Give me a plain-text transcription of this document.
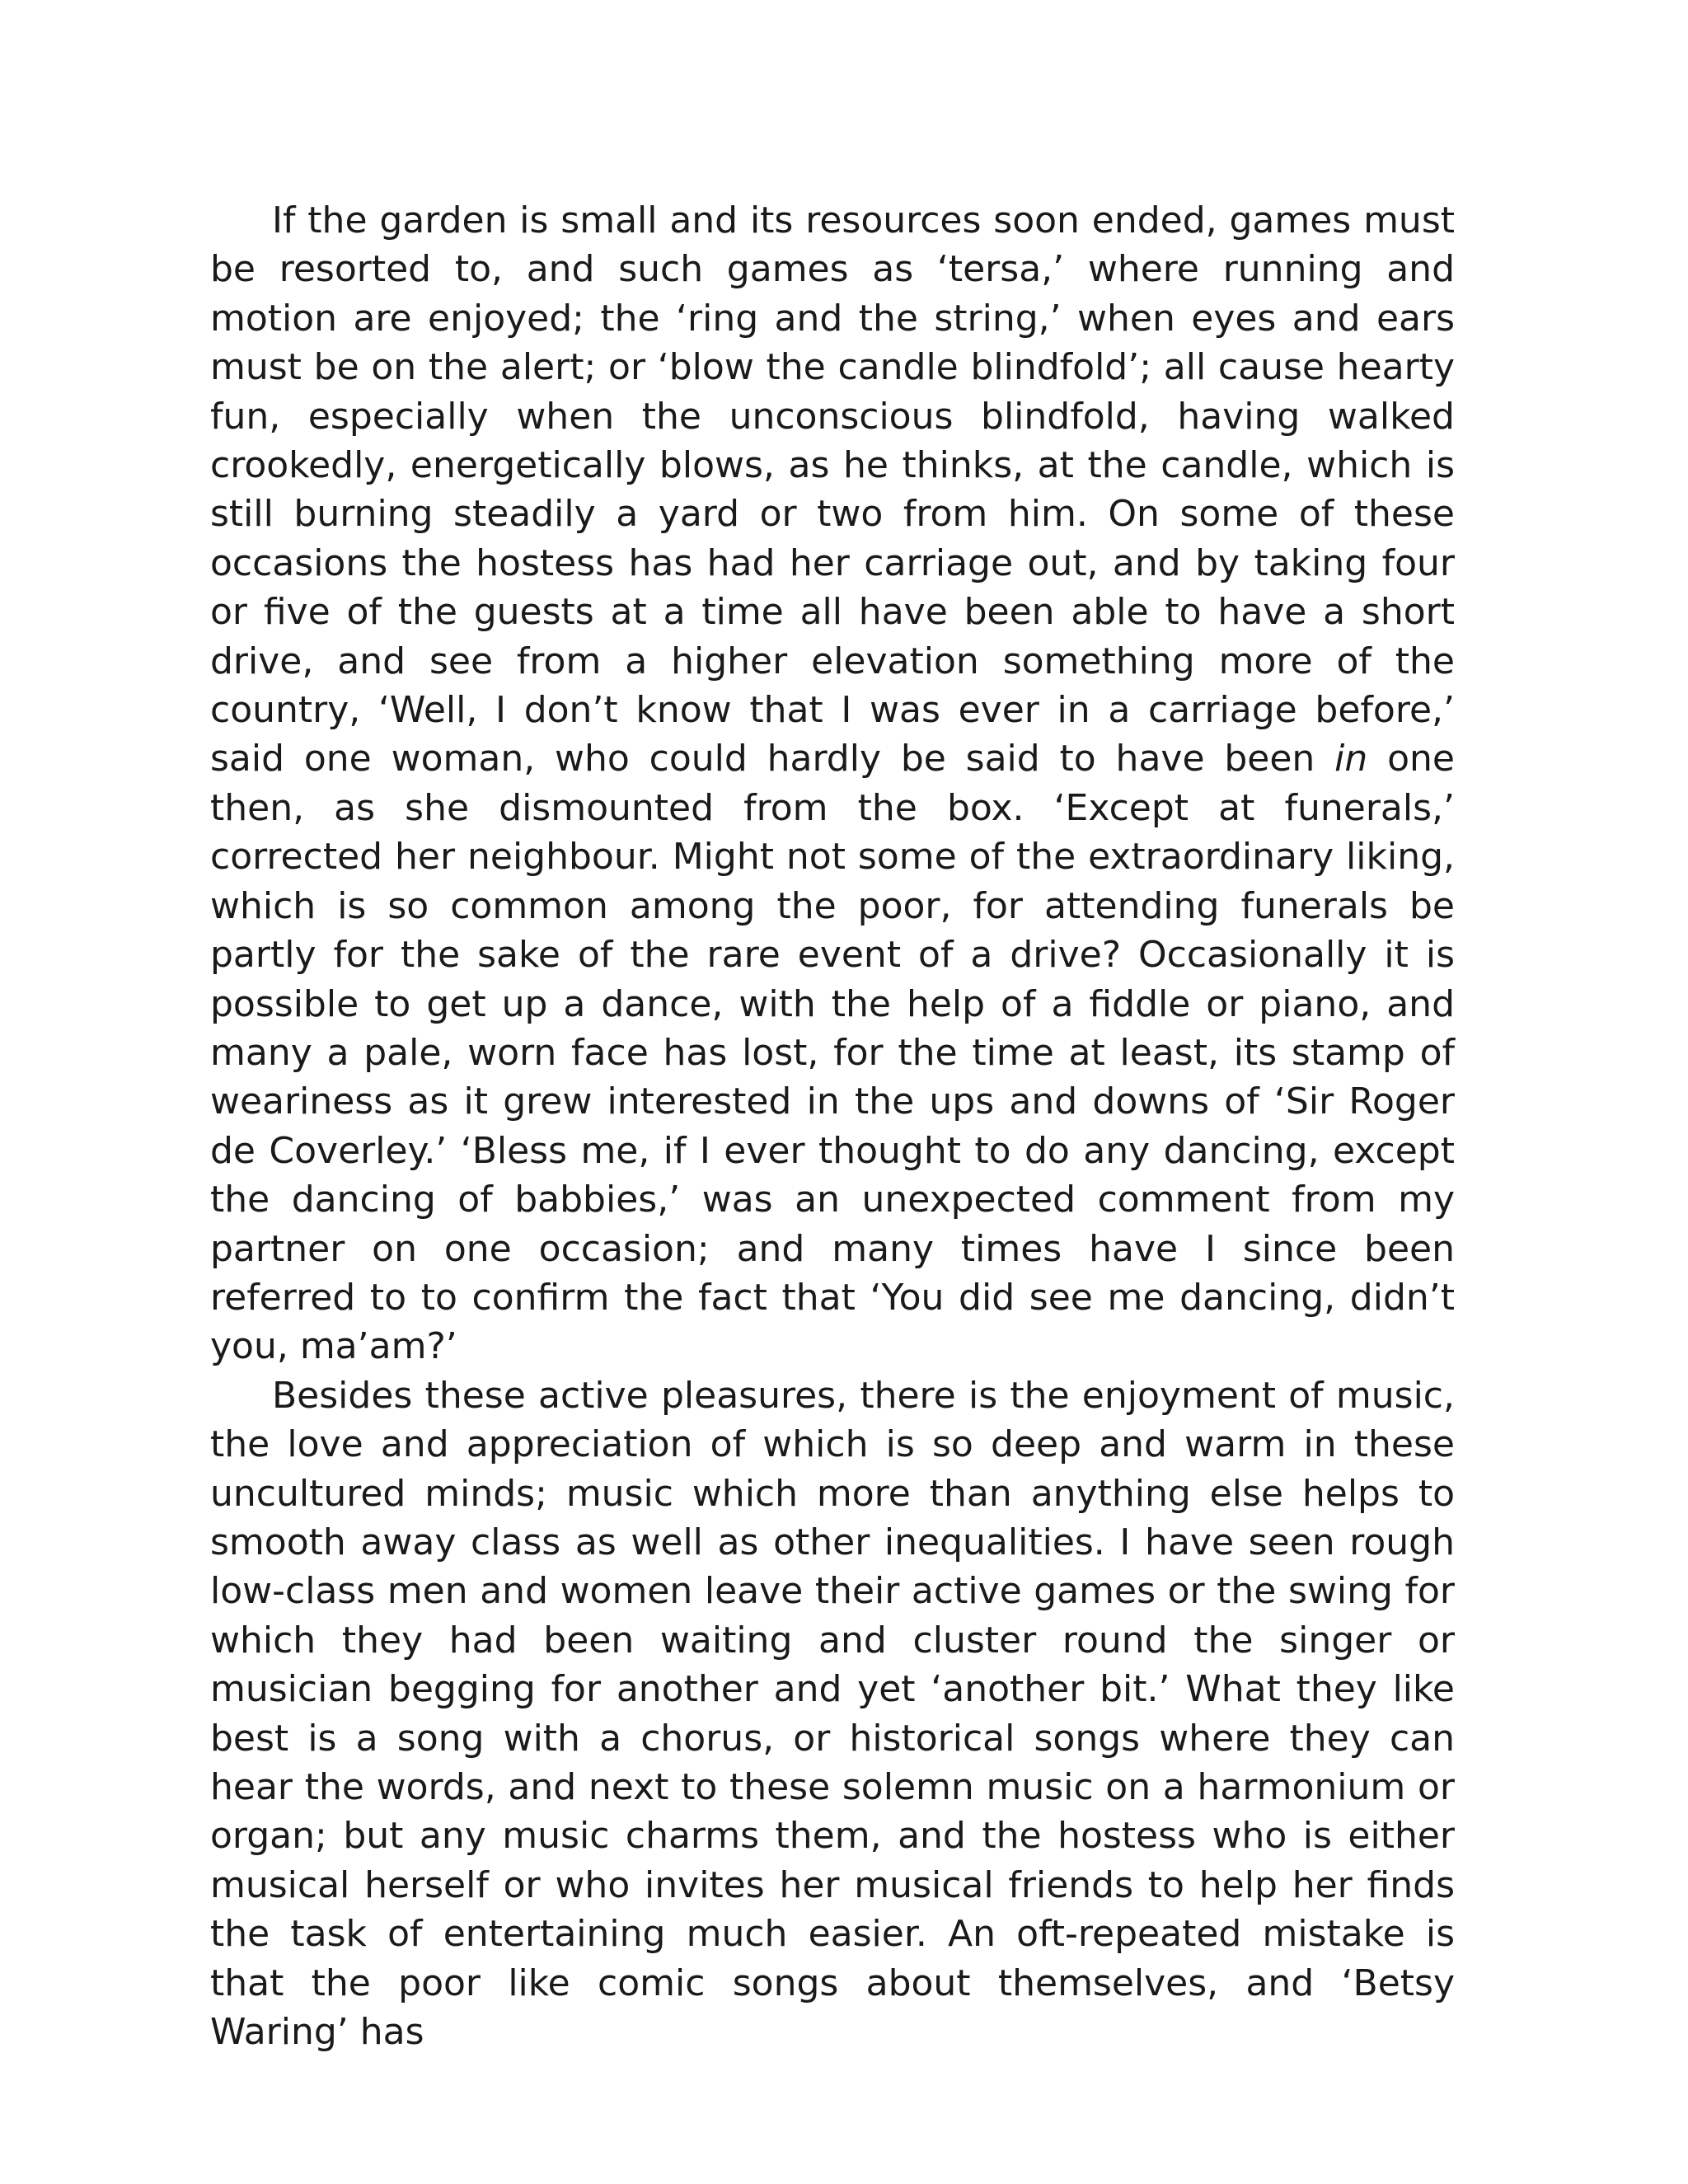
If the garden is small and its resources soon ended, games must be resorted to, and such games as ‘tersa,’ where running and motion are enjoyed; the ‘ring and the string,’ when eyes and ears must be on the alert; or ‘blow the candle blindfold’; all cause hearty fun, especially when the unconscious blindfold, having walked crookedly, energetically blows, as he thinks, at the candle, which is still burning steadily a yard or two from him. On some of these occasions the hostess has had her carriage out, and by taking four or five of the guests at a time all have been able to have a short drive, and see from a higher elevation something more of the country, ‘Well, I don’t know that I was ever in a carriage before,’ said one woman, who could hardly be said to have been in one then, as she dismounted from the box. ‘Except at funerals,’ corrected her neighbour. Might not some of the extraordinary liking, which is so common among the poor, for attending funerals be partly for the sake of the rare event of a drive? Occasionally it is possible to get up a dance, with the help of a fiddle or piano, and many a pale, worn face has lost, for the time at least, its stamp of weariness as it grew interested in the ups and downs of ‘Sir Roger de Coverley.’ ‘Bless me, if I ever thought to do any dancing, except the dancing of babbies,’ was an unexpected comment from my partner on one occasion; and many times have I since been referred to to confirm the fact that ‘You did see me dancing, didn’t you, ma’am?’

Besides these active pleasures, there is the enjoyment of music, the love and appreciation of which is so deep and warm in these uncultured minds; music which more than anything else helps to smooth away class as well as other inequalities. I have seen rough low-class men and women leave their active games or the swing for which they had been waiting and cluster round the singer or musician begging for another and yet ‘another bit.’ What they like best is a song with a chorus, or historical songs where they can hear the words, and next to these solemn music on a harmonium or organ; but any music charms them, and the hostess who is either musical herself or who invites her musical friends to help her finds the task of entertaining much easier. An oft-repeated mistake is that the poor like comic songs about themselves, and ‘Betsy Waring’ has
